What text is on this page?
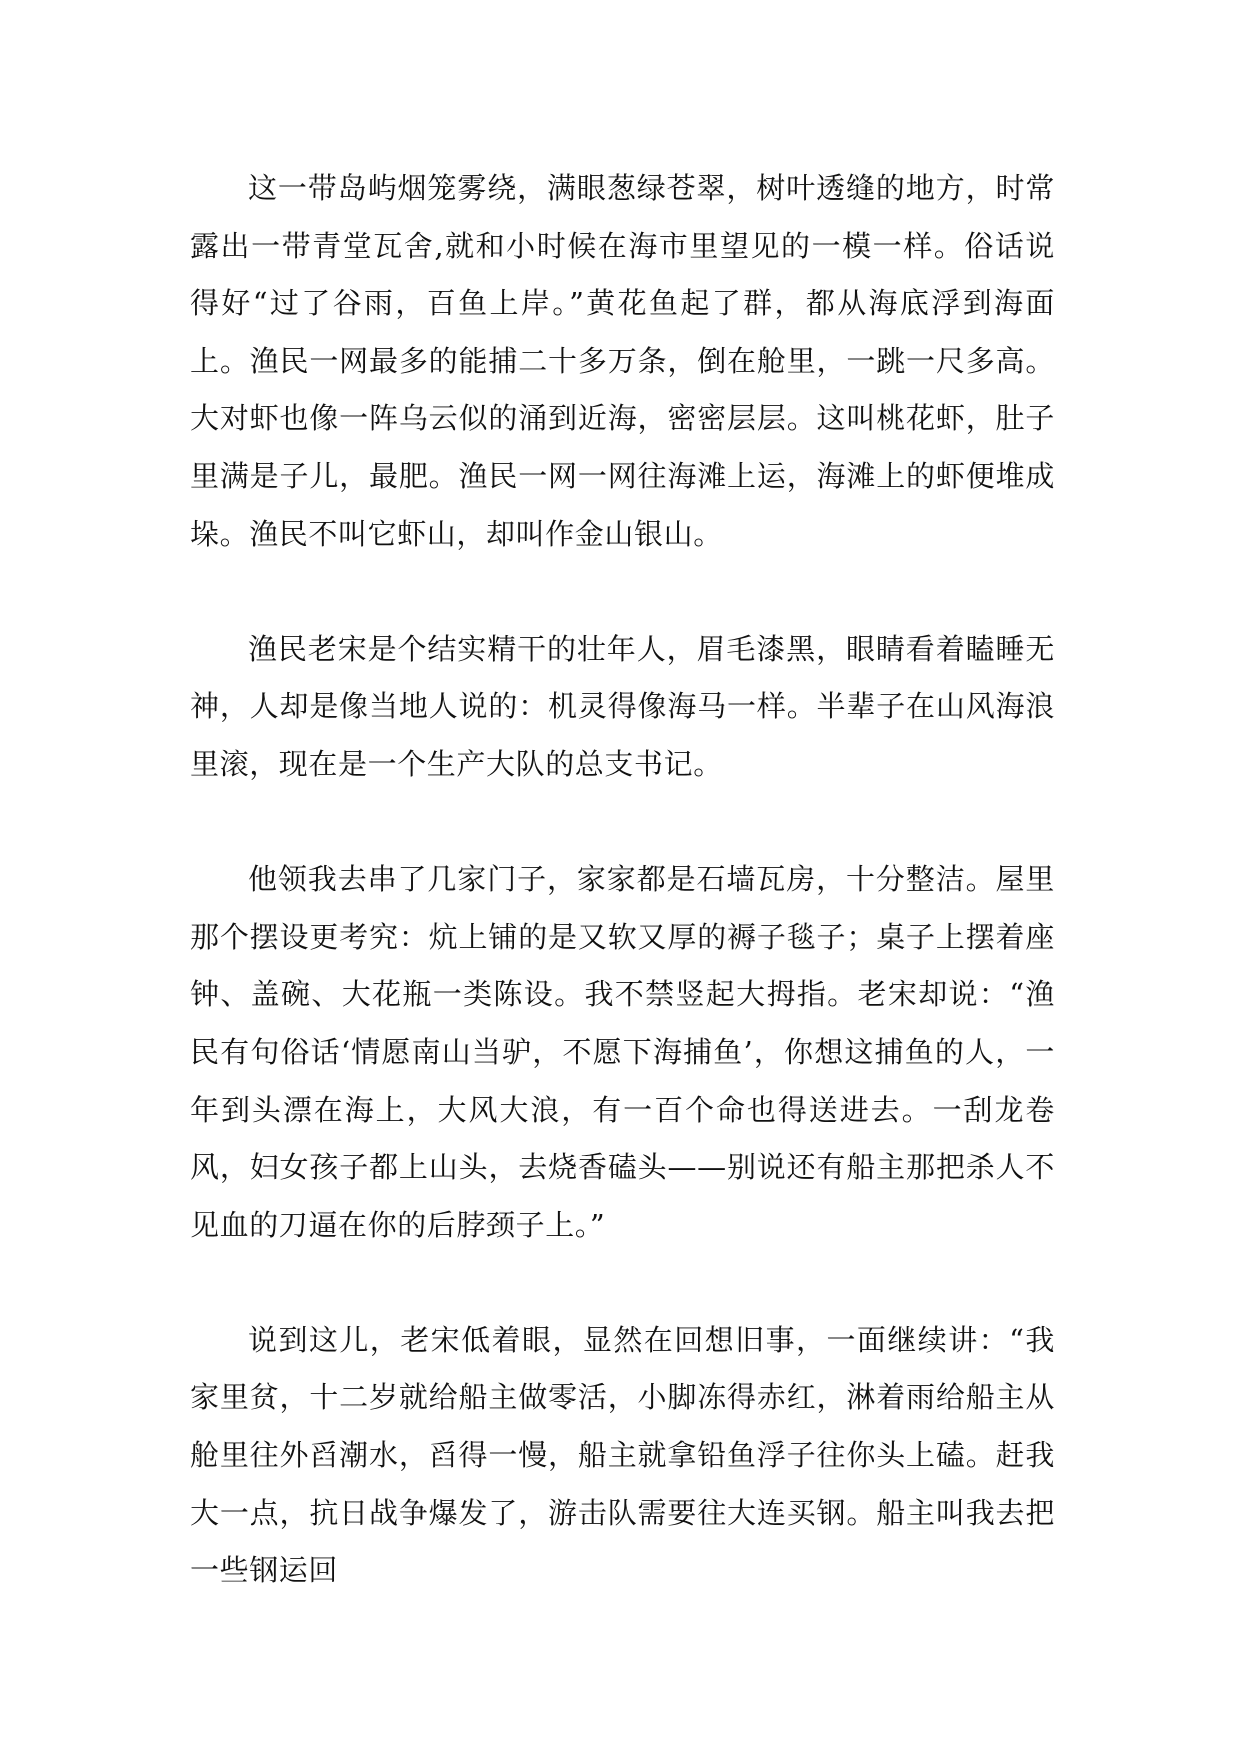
这一带岛屿烟笼雾绕，满眼葱绿苍翠，树叶透缝的地方，时常露出一带青堂瓦舍,就和小时候在海市里望见的一模一样。俗话说得好“过了谷雨，百鱼上岸。”黄花鱼起了群，都从海底浮到海面上。渔民一网最多的能捕二十多万条，倒在舱里，一跳一尺多高。大对虾也像一阵乌云似的涌到近海，密密层层。这叫桃花虾，肚子里满是子儿，最肥。渔民一网一网往海滩上运，海滩上的虾便堆成垛。渔民不叫它虾山，却叫作金山银山。

渔民老宋是个结实精干的壮年人，眉毛漆黑，眼睛看着瞌睡无神，人却是像当地人说的：机灵得像海马一样。半辈子在山风海浪里滚，现在是一个生产大队的总支书记。

他领我去串了几家门子，家家都是石墙瓦房，十分整洁。屋里那个摆设更考究：炕上铺的是又软又厚的褥子毯子；桌子上摆着座钟、盖碗、大花瓶一类陈设。我不禁竖起大拇指。老宋却说：“渔民有句俗话‘情愿南山当驴，不愿下海捕鱼’，你想这捕鱼的人，一年到头漂在海上，大风大浪，有一百个命也得送进去。一刮龙卷风，妇女孩子都上山头，去烧香磕头——别说还有船主那把杀人不见血的刀逼在你的后脖颈子上。”

说到这儿，老宋低着眼，显然在回想旧事，一面继续讲：“我家里贫，十二岁就给船主做零活，小脚冻得赤红，淋着雨给船主从舱里往外舀潮水，舀得一慢，船主就拿铅鱼浮子往你头上磕。赶我大一点，抗日战争爆发了，游击队需要往大连买钢。船主叫我去把一些钢运回
